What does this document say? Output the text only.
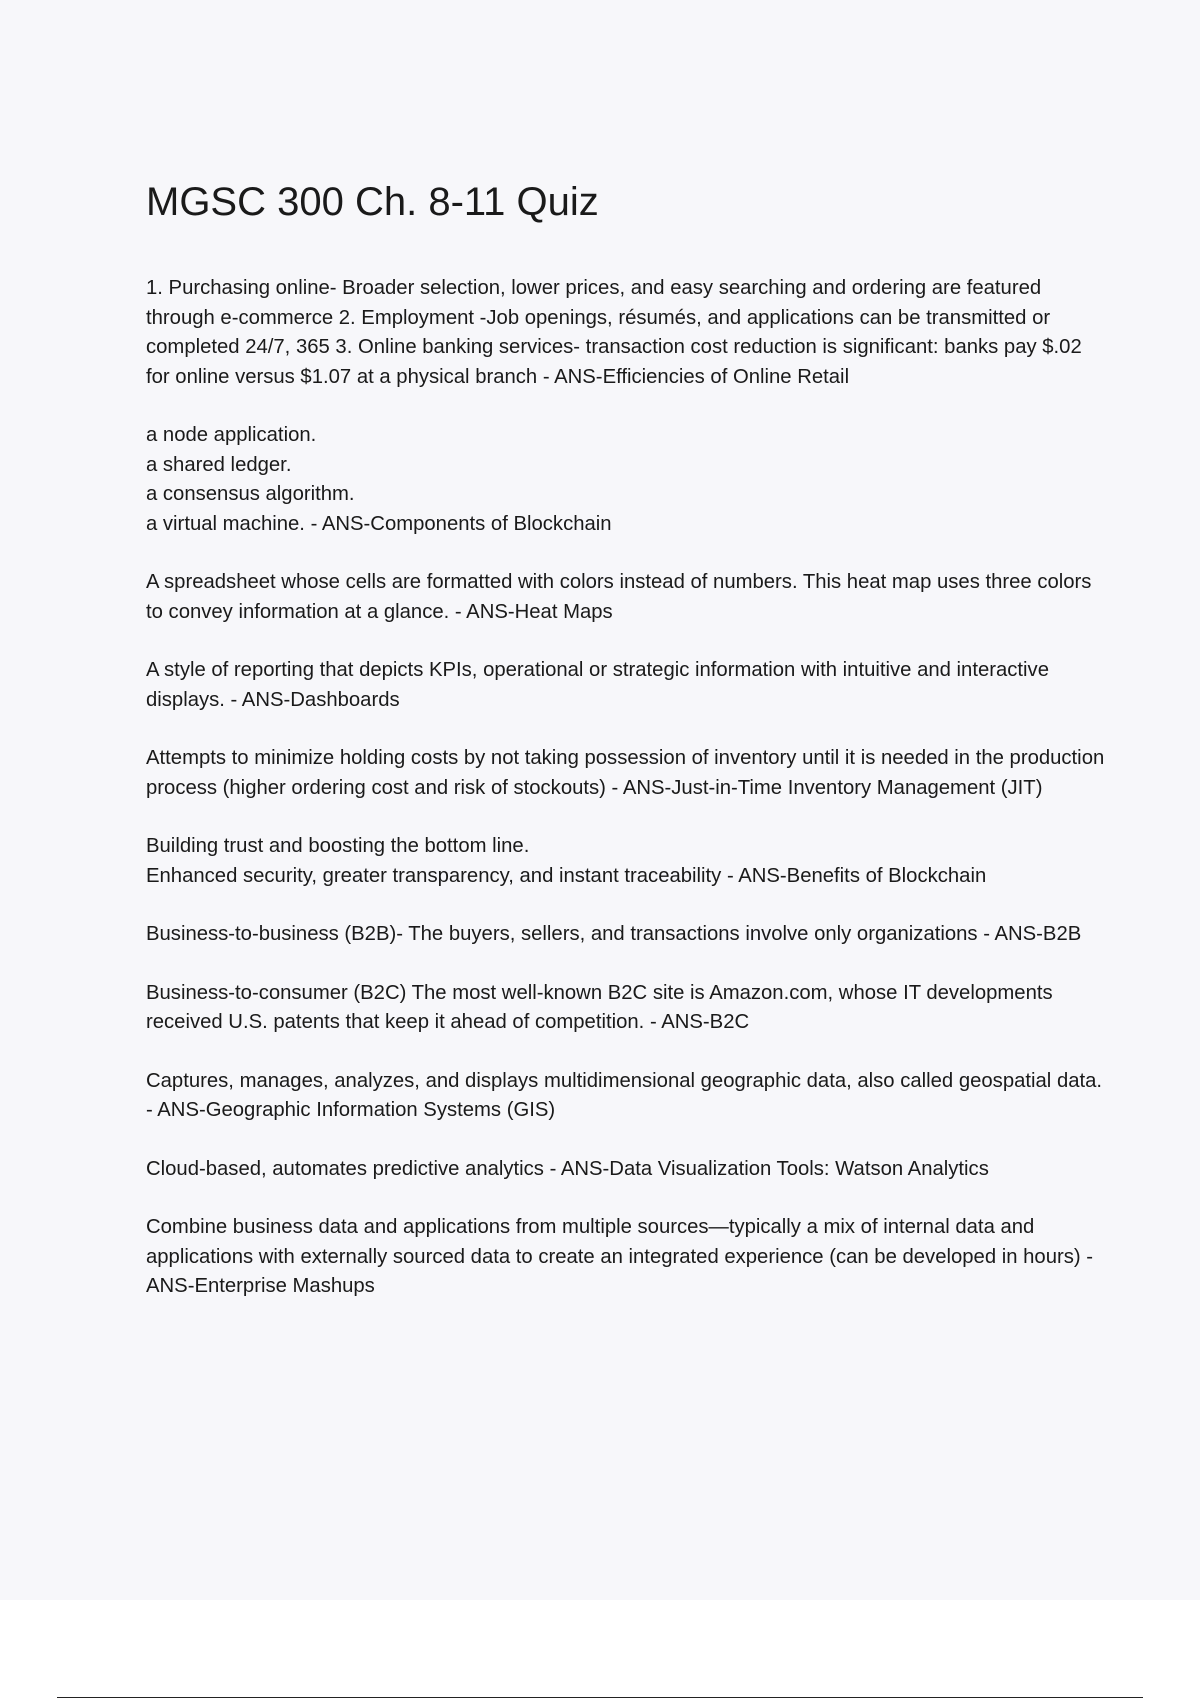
MGSC 300 Ch. 8-11 Quiz

1. Purchasing online- Broader selection, lower prices, and easy searching and ordering are featured through e-commerce 2. Employment -Job openings, résumés, and applications can be transmitted or completed 24/7, 365 3. Online banking services- transaction cost reduction is significant: banks pay $.02 for online versus $1.07 at a physical branch - ANS-Efficiencies of Online Retail

a node application.
a shared ledger.
a consensus algorithm.
a virtual machine. - ANS-Components of Blockchain

A spreadsheet whose cells are formatted with colors instead of numbers. This heat map uses three colors to convey information at a glance. - ANS-Heat Maps

A style of reporting that depicts KPIs, operational or strategic information with intuitive and interactive displays. - ANS-Dashboards

Attempts to minimize holding costs by not taking possession of inventory until it is needed in the production process (higher ordering cost and risk of stockouts) - ANS-Just-in-Time Inventory Management (JIT)

Building trust and boosting the bottom line.
Enhanced security, greater transparency, and instant traceability - ANS-Benefits of Blockchain

Business-to-business (B2B)- The buyers, sellers, and transactions involve only organizations - ANS-B2B

Business-to-consumer (B2C) The most well-known B2C site is Amazon.com, whose IT developments received U.S. patents that keep it ahead of competition. - ANS-B2C

Captures, manages, analyzes, and displays multidimensional geographic data, also called geospatial data. - ANS-Geographic Information Systems (GIS)

Cloud-based, automates predictive analytics - ANS-Data Visualization Tools: Watson Analytics

Combine business data and applications from multiple sources—typically a mix of internal data and applications with externally sourced data to create an integrated experience (can be developed in hours) - ANS-Enterprise Mashups
